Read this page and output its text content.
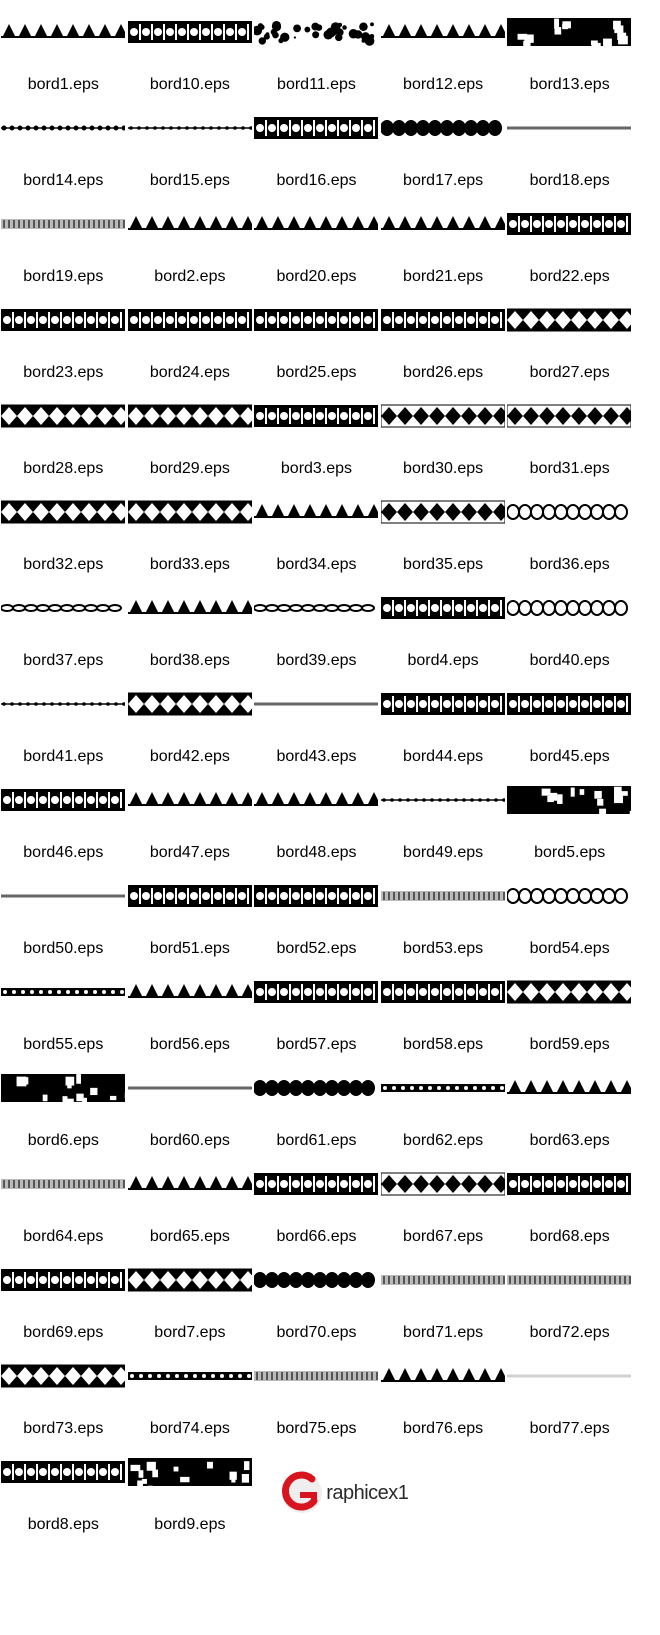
bord1.eps	bord10.eps	bord11.eps	bord12.eps	bord13.eps
bord14.eps	bord15.eps	bord16.eps	bord17.eps	bord18.eps
bord19.eps	bord2.eps	bord20.eps	bord21.eps	bord22.eps
bord23.eps	bord24.eps	bord25.eps	bord26.eps	bord27.eps
bord28.eps	bord29.eps	bord3.eps	bord30.eps	bord31.eps
bord32.eps	bord33.eps	bord34.eps	bord35.eps	bord36.eps
bord37.eps	bord38.eps	bord39.eps	bord4.eps	bord40.eps
bord41.eps	bord42.eps	bord43.eps	bord44.eps	bord45.eps
bord46.eps	bord47.eps	bord48.eps	bord49.eps	bord5.eps
bord50.eps	bord51.eps	bord52.eps	bord53.eps	bord54.eps
bord55.eps	bord56.eps	bord57.eps	bord58.eps	bord59.eps
bord6.eps	bord60.eps	bord61.eps	bord62.eps	bord63.eps
bord64.eps	bord65.eps	bord66.eps	bord67.eps	bord68.eps
bord69.eps	bord7.eps	bord70.eps	bord71.eps	bord72.eps
bord73.eps	bord74.eps	bord75.eps	bord76.eps	bord77.eps
bord8.eps	bord9.eps
raphicex1
